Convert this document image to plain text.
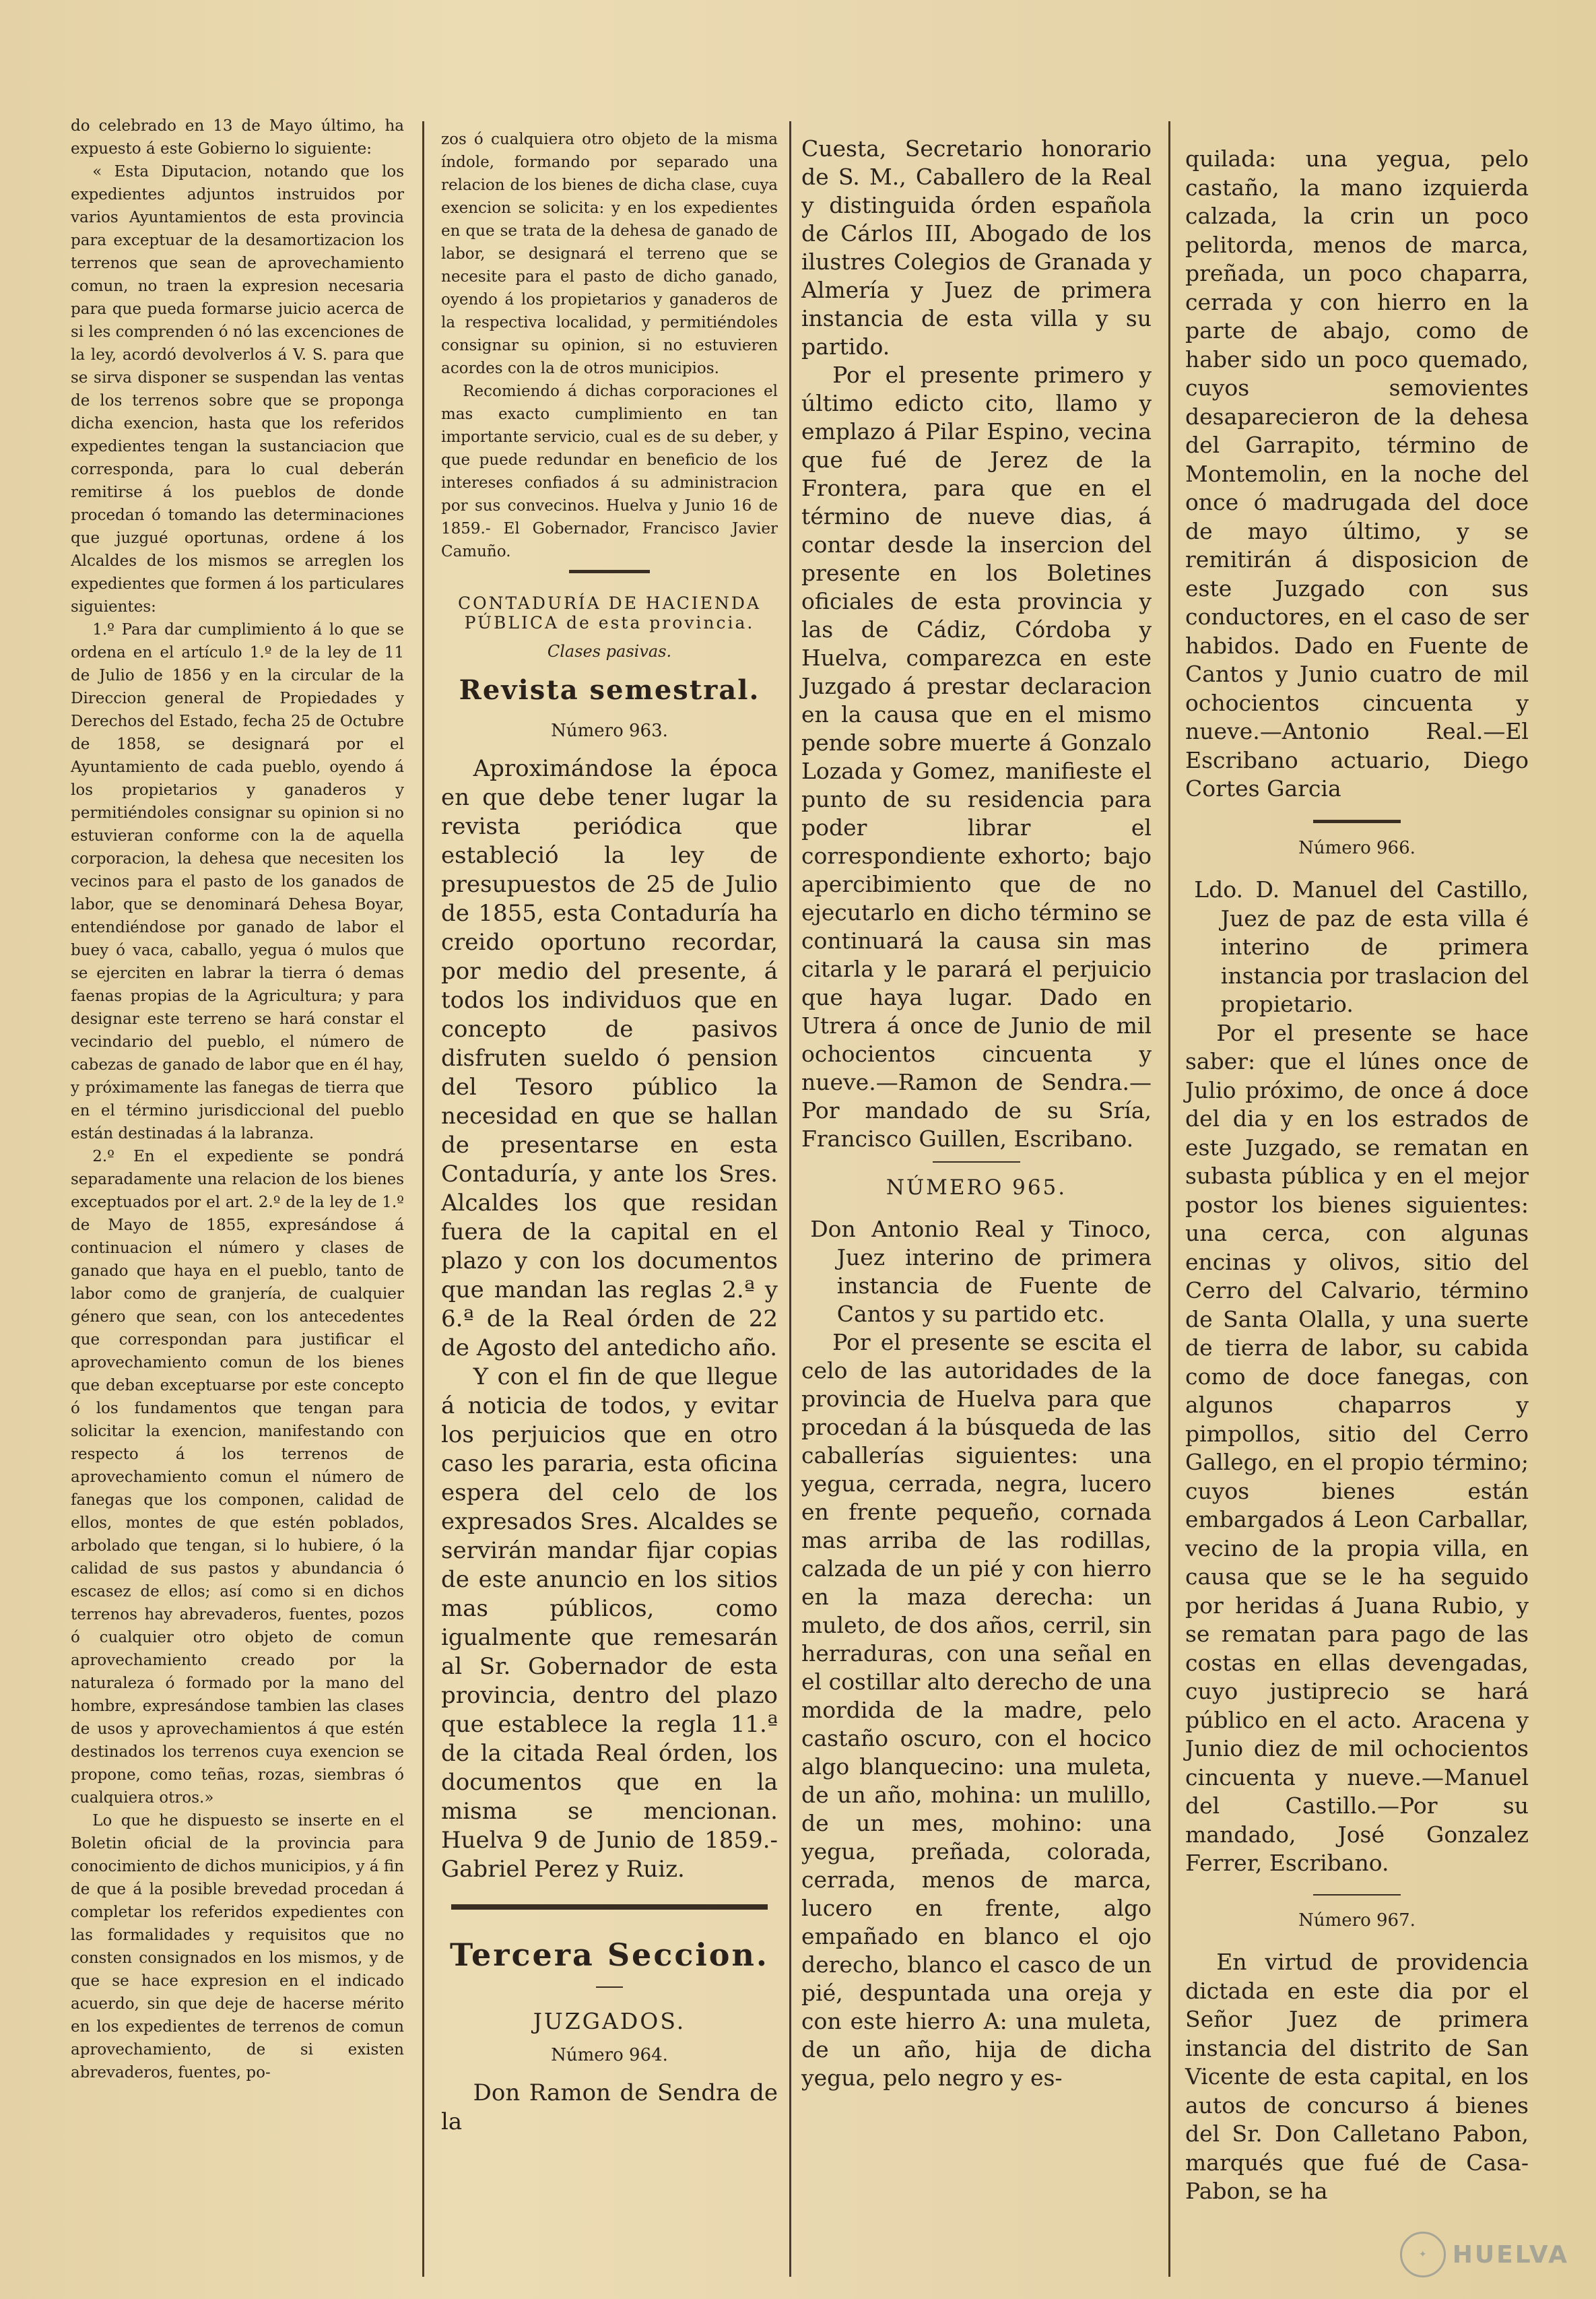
do celebrado en 13 de Mayo último, ha expuesto á este Gobierno lo siguiente:

« Esta Diputacion, notando que los expedientes adjuntos instruidos por varios Ayuntamientos de esta provincia para exceptuar de la desamortizacion los terrenos que sean de aprovechamiento comun, no traen la expresion necesaria para que pueda formarse juicio acerca de si les comprenden ó nó las excenciones de la ley, acordó devolverlos á V. S. para que se sirva disponer se suspendan las ventas de los terrenos sobre que se proponga dicha exencion, hasta que los referidos expedientes tengan la sustanciacion que corresponda, para lo cual deberán remitirse á los pueblos de donde procedan ó tomando las determinaciones que juzgué oportunas, ordene á los Alcaldes de los mismos se arreglen los expedientes que formen á los particulares siguientes:

1.º Para dar cumplimiento á lo que se ordena en el artículo 1.º de la ley de 11 de Julio de 1856 y en la circular de la Direccion general de Propiedades y Derechos del Estado, fecha 25 de Octubre de 1858, se designará por el Ayuntamiento de cada pueblo, oyendo á los propietarios y ganaderos y permitiéndoles consignar su opinion si no estuvieran conforme con la de aquella corporacion, la dehesa que necesiten los vecinos para el pasto de los ganados de labor, que se denominará Dehesa Boyar, entendiéndose por ganado de labor el buey ó vaca, caballo, yegua ó mulos que se ejerciten en labrar la tierra ó demas faenas propias de la Agricultura; y para designar este terreno se hará constar el vecindario del pueblo, el número de cabezas de ganado de labor que en él hay, y próximamente las fanegas de tierra que en el término jurisdiccional del pueblo están destinadas á la labranza.

2.º En el expediente se pondrá separadamente una relacion de los bienes exceptuados por el art. 2.º de la ley de 1.º de Mayo de 1855, expresándose á continuacion el número y clases de ganado que haya en el pueblo, tanto de labor como de granjería, de cualquier género que sean, con los antecedentes que correspondan para justificar el aprovechamiento comun de los bienes que deban exceptuarse por este concepto ó los fundamentos que tengan para solicitar la exencion, manifestando con respecto á los terrenos de aprovechamiento comun el número de fanegas que los componen, calidad de ellos, montes de que estén poblados, arbolado que tengan, si lo hubiere, ó la calidad de sus pastos y abundancia ó escasez de ellos; así como si en dichos terrenos hay abrevaderos, fuentes, pozos ó cualquier otro objeto de comun aprovechamiento creado por la naturaleza ó formado por la mano del hombre, expresándose tambien las clases de usos y aprovechamientos á que estén destinados los terrenos cuya exencion se propone, como teñas, rozas, siembras ó cualquiera otros.»

Lo que he dispuesto se inserte en el Boletin oficial de la provincia para conocimiento de dichos municipios, y á fin de que á la posible brevedad procedan á completar los referidos expedientes con las formalidades y requisitos que no consten consignados en los mismos, y de que se hace expresion en el indicado acuerdo, sin que deje de hacerse mérito en los expedientes de terrenos de comun aprovechamiento, de si existen abrevaderos, fuentes, po-

zos ó cualquiera otro objeto de la misma índole, formando por separado una relacion de los bienes de dicha clase, cuya exencion se solicita: y en los expedientes en que se trata de la dehesa de ganado de labor, se designará el terreno que se necesite para el pasto de dicho ganado, oyendo á los propietarios y ganaderos de la respectiva localidad, y permitiéndoles consignar su opinion, si no estuvieren acordes con la de otros municipios.

Recomiendo á dichas corporaciones el mas exacto cumplimiento en tan importante servicio, cual es de su deber, y que puede redundar en beneficio de los intereses confiados á su administracion por sus convecinos. Huelva y Junio 16 de 1859.- El Gobernador, Francisco Javier Camuño.

CONTADURÍA DE HACIENDA PÚBLICA de esta provincia.
Clases pasivas.
Revista semestral.
Número 963.

Aproximándose la época en que debe tener lugar la revista periódica que estableció la ley de presupuestos de 25 de Julio de 1855, esta Contaduría ha creido oportuno recordar, por medio del presente, á todos los individuos que en concepto de pasivos disfruten sueldo ó pension del Tesoro público la necesidad en que se hallan de presentarse en esta Contaduría, y ante los Sres. Alcaldes los que residan fuera de la capital en el plazo y con los documentos que mandan las reglas 2.ª y 6.ª de la Real órden de 22 de Agosto del antedicho año.

Y con el fin de que llegue á noticia de todos, y evitar los perjuicios que en otro caso les pararia, esta oficina espera del celo de los expresados Sres. Alcaldes se servirán mandar fijar copias de este anuncio en los sitios mas públicos, como igualmente que remesarán al Sr. Gobernador de esta provincia, dentro del plazo que establece la regla 11.ª de la citada Real órden, los documentos que en la misma se mencionan. Huelva 9 de Junio de 1859.-Gabriel Perez y Ruiz.

Tercera Seccion.
JUZGADOS.
Número 964.

Don Ramon de Sendra de la

Cuesta, Secretario honorario de S. M., Caballero de la Real y distinguida órden española de Cárlos III, Abogado de los ilustres Colegios de Granada y Almería y Juez de primera instancia de esta villa y su partido.

Por el presente primero y último edicto cito, llamo y emplazo á Pilar Espino, vecina que fué de Jerez de la Frontera, para que en el término de nueve dias, á contar desde la insercion del presente en los Boletines oficiales de esta provincia y las de Cádiz, Córdoba y Huelva, comparezca en este Juzgado á prestar declaracion en la causa que en el mismo pende sobre muerte á Gonzalo Lozada y Gomez, manifieste el punto de su residencia para poder librar el correspondiente exhorto; bajo apercibimiento que de no ejecutarlo en dicho término se continuará la causa sin mas citarla y le parará el perjuicio que haya lugar. Dado en Utrera á once de Junio de mil ochocientos cincuenta y nueve.—Ramon de Sendra.—Por mandado de su Sría, Francisco Guillen, Escribano.

NÚMERO 965.

Don Antonio Real y Tinoco, Juez interino de primera instancia de Fuente de Cantos y su partido etc.

Por el presente se escita el celo de las autoridades de la provincia de Huelva para que procedan á la búsqueda de las caballerías siguientes: una yegua, cerrada, negra, lucero en frente pequeño, cornada mas arriba de las rodillas, calzada de un pié y con hierro en la maza derecha: un muleto, de dos años, cerril, sin herraduras, con una señal en el costillar alto derecho de una mordida de la madre, pelo castaño oscuro, con el hocico algo blanquecino: una muleta, de un año, mohina: un mulillo, de un mes, mohino: una yegua, preñada, colorada, cerrada, menos de marca, lucero en frente, algo empañado en blanco el ojo derecho, blanco el casco de un pié, despuntada una oreja y con este hierro A: una muleta, de un año, hija de dicha yegua, pelo negro y es-

quilada: una yegua, pelo castaño, la mano izquierda calzada, la crin un poco pelitorda, menos de marca, preñada, un poco chaparra, cerrada y con hierro en la parte de abajo, como de haber sido un poco quemado, cuyos semovientes desaparecieron de la dehesa del Garrapito, término de Montemolin, en la noche del once ó madrugada del doce de mayo último, y se remitirán á disposicion de este Juzgado con sus conductores, en el caso de ser habidos. Dado en Fuente de Cantos y Junio cuatro de mil ochocientos cincuenta y nueve.—Antonio Real.—El Escribano actuario, Diego Cortes Garcia

Número 966.

Ldo. D. Manuel del Castillo, Juez de paz de esta villa é interino de primera instancia por traslacion del propietario.

Por el presente se hace saber: que el lúnes once de Julio próximo, de once á doce del dia y en los estrados de este Juzgado, se rematan en subasta pública y en el mejor postor los bienes siguientes: una cerca, con algunas encinas y olivos, sitio del Cerro del Calvario, término de Santa Olalla, y una suerte de tierra de labor, su cabida como de doce fanegas, con algunos chaparros y pimpollos, sitio del Cerro Gallego, en el propio término; cuyos bienes están embargados á Leon Carballar, vecino de la propia villa, en causa que se le ha seguido por heridas á Juana Rubio, y se rematan para pago de las costas en ellas devengadas, cuyo justiprecio se hará público en el acto. Aracena y Junio diez de mil ochocientos cincuenta y nueve.—Manuel del Castillo.—Por su mandado, José Gonzalez Ferrer, Escribano.

Número 967.

En virtud de providencia dictada en este dia por el Señor Juez de primera instancia del distrito de San Vicente de esta capital, en los autos de concurso á bienes del Sr. Don Calletano Pabon, marqués que fué de Casa-Pabon, se ha

✦	HUELVA
